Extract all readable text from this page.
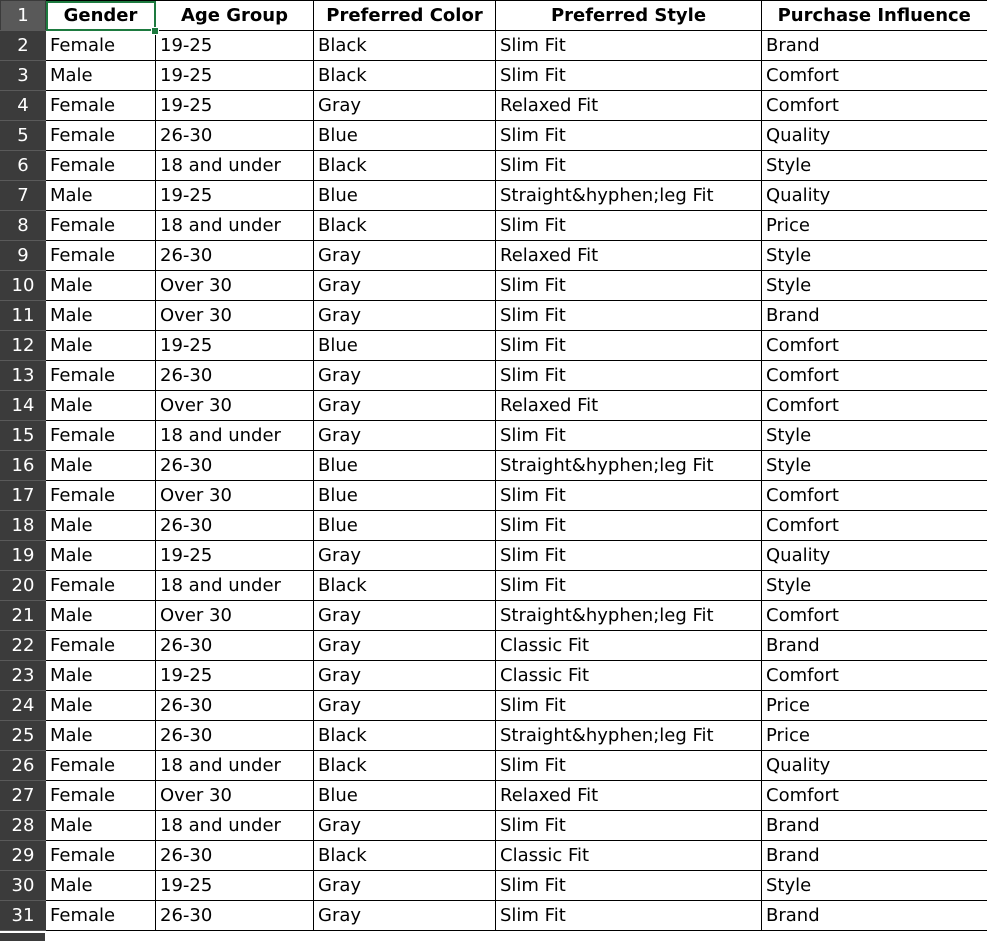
1	Gender	Age Group	Preferred Color	Preferred Style	Purchase Influence
2	Female	19-25	Black	Slim Fit	Brand
3	Male	19-25	Black	Slim Fit	Comfort
4	Female	19-25	Gray	Relaxed Fit	Comfort
5	Female	26-30	Blue	Slim Fit	Quality
6	Female	18 and under	Black	Slim Fit	Style
7	Male	19-25	Blue	Straight&hyphen;leg Fit	Quality
8	Female	18 and under	Black	Slim Fit	Price
9	Female	26-30	Gray	Relaxed Fit	Style
10	Male	Over 30	Gray	Slim Fit	Style
11	Male	Over 30	Gray	Slim Fit	Brand
12	Male	19-25	Blue	Slim Fit	Comfort
13	Female	26-30	Gray	Slim Fit	Comfort
14	Male	Over 30	Gray	Relaxed Fit	Comfort
15	Female	18 and under	Gray	Slim Fit	Style
16	Male	26-30	Blue	Straight&hyphen;leg Fit	Style
17	Female	Over 30	Blue	Slim Fit	Comfort
18	Male	26-30	Blue	Slim Fit	Comfort
19	Male	19-25	Gray	Slim Fit	Quality
20	Female	18 and under	Black	Slim Fit	Style
21	Male	Over 30	Gray	Straight&hyphen;leg Fit	Comfort
22	Female	26-30	Gray	Classic Fit	Brand
23	Male	19-25	Gray	Classic Fit	Comfort
24	Male	26-30	Gray	Slim Fit	Price
25	Male	26-30	Black	Straight&hyphen;leg Fit	Price
26	Female	18 and under	Black	Slim Fit	Quality
27	Female	Over 30	Blue	Relaxed Fit	Comfort
28	Male	18 and under	Gray	Slim Fit	Brand
29	Female	26-30	Black	Classic Fit	Brand
30	Male	19-25	Gray	Slim Fit	Style
31	Female	26-30	Gray	Slim Fit	Brand
